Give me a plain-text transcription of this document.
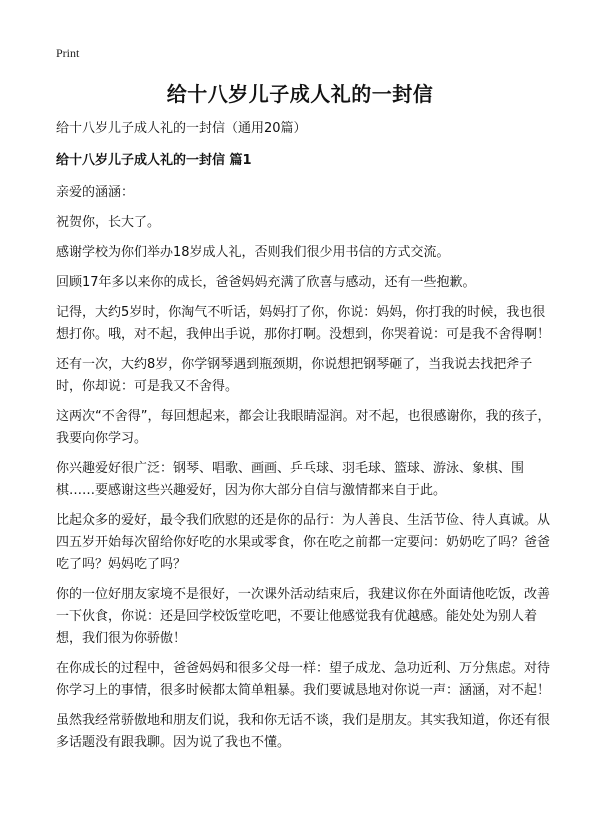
Print
给十八岁儿子成人礼的一封信
给十八岁儿子成人礼的一封信（通用20篇）
给十八岁儿子成人礼的一封信 篇1

亲爱的涵涵：

祝贺你，长大了。

感谢学校为你们举办18岁成人礼，否则我们很少用书信的方式交流。

回顾17年多以来你的成长，爸爸妈妈充满了欣喜与感动，还有一些抱歉。

记得，大约5岁时，你淘气不听话，妈妈打了你，你说：妈妈，你打我的时候，我也很想打你。哦，对不起，我伸出手说，那你打啊。没想到，你哭着说：可是我不舍得啊！

还有一次，大约8岁，你学钢琴遇到瓶颈期，你说想把钢琴砸了，当我说去找把斧子时，你却说：可是我又不舍得。

这两次“不舍得”，每回想起来，都会让我眼睛湿润。对不起，也很感谢你，我的孩子，我要向你学习。

你兴趣爱好很广泛：钢琴、唱歌、画画、乒乓球、羽毛球、篮球、游泳、象棋、围棋……要感谢这些兴趣爱好，因为你大部分自信与激情都来自于此。

比起众多的爱好，最令我们欣慰的还是你的品行：为人善良、生活节俭、待人真诚。从四五岁开始每次留给你好吃的水果或零食，你在吃之前都一定要问：奶奶吃了吗？爸爸吃了吗？妈妈吃了吗？

你的一位好朋友家境不是很好，一次课外活动结束后，我建议你在外面请他吃饭，改善一下伙食，你说：还是回学校饭堂吃吧，不要让他感觉我有优越感。能处处为别人着想，我们很为你骄傲！

在你成长的过程中，爸爸妈妈和很多父母一样：望子成龙、急功近利、万分焦虑。对待你学习上的事情，很多时候都太简单粗暴。我们要诚恳地对你说一声：涵涵，对不起！

虽然我经常骄傲地和朋友们说，我和你无话不谈，我们是朋友。其实我知道，你还有很多话题没有跟我聊。因为说了我也不懂。
